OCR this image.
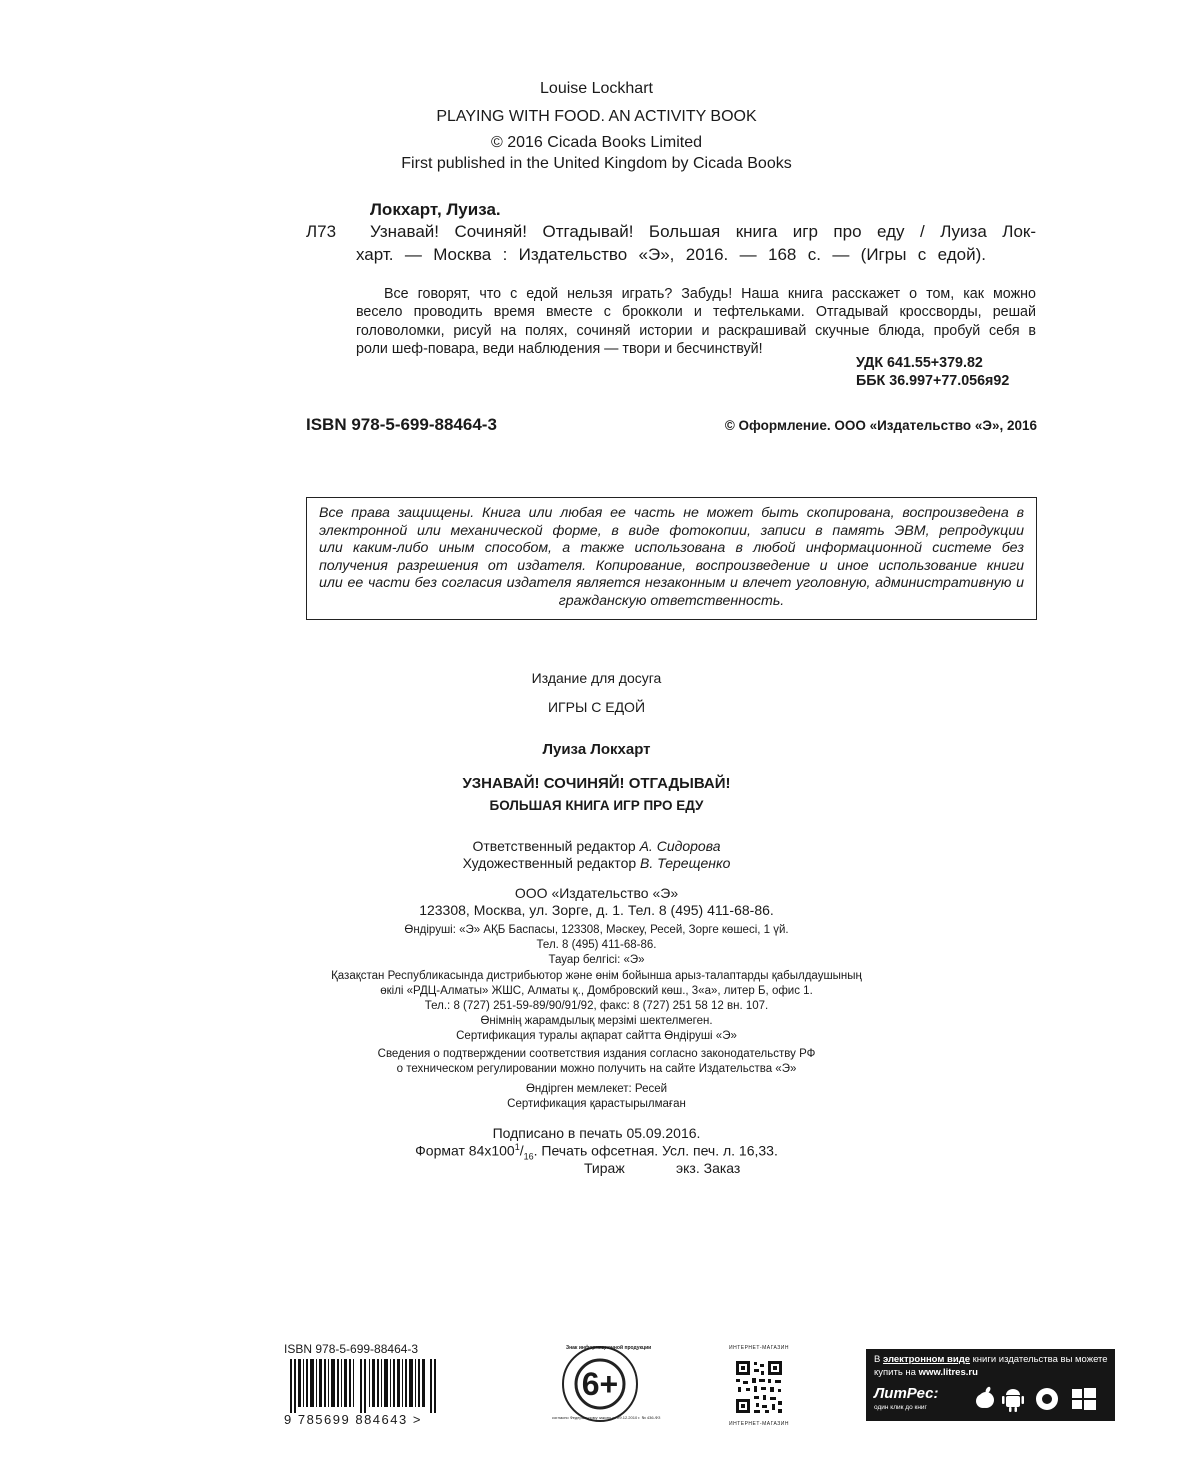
Louise Lockhart
PLAYING WITH FOOD. AN ACTIVITY BOOK
© 2016 Cicada Books Limited
First published in the United Kingdom by Cicada Books
Локхарт, Луиза.
Л73 Узнавай! Сочиняй! Отгадывай! Большая книга игр про еду / Луиза Лок-
харт. — Москва : Издательство «Э», 2016. — 168 с. — (Игры с едой).
Все говорят, что с едой нельзя играть? Забудь! Наша книга расскажет о том, как можно
весело проводить время вместе с брокколи и тефтельками. Отгадывай кроссворды, решай
головоломки, рисуй на полях, сочиняй истории и раскрашивай скучные блюда, пробуй себя в
роли шеф-повара, веди наблюдения — твори и бесчинствуй!
УДК 641.55+379.82
ББК 36.997+77.056я92
ISBN 978-5-699-88464-3	© Оформление. ООО «Издательство «Э», 2016
Все права защищены. Книга или любая ее часть не может быть скопирована, воспроизведена в
электронной или механической форме, в виде фотокопии, записи в память ЭВМ, репродукции
или каким-либо иным способом, а также использована в любой информационной системе без
получения разрешения от издателя. Копирование, воспроизведение и иное использование книги
или ее части без согласия издателя является незаконным и влечет уголовную, административную и
гражданскую ответственность.
Издание для досуга
ИГРЫ С ЕДОЙ
Луиза Локхарт
УЗНАВАЙ! СОЧИНЯЙ! ОТГАДЫВАЙ!
БОЛЬШАЯ КНИГА ИГР ПРО ЕДУ
Ответственный редактор А. Сидорова
Художественный редактор В. Терещенко
ООО «Издательство «Э»
123308, Москва, ул. Зорге, д. 1. Тел. 8 (495) 411-68-86.
Өндіруші: «Э» АҚБ Баспасы, 123308, Мәскеу, Ресей, Зорге көшесі, 1 үй.
Тел. 8 (495) 411-68-86.
Тауар белгісі: «Э»
Қазақстан Республикасында дистрибьютор және өнім бойынша арыз-талаптарды қабылдаушының
өкілі «РДЦ-Алматы» ЖШС, Алматы қ., Домбровский көш., 3«а», литер Б, офис 1.
Тел.: 8 (727) 251-59-89/90/91/92, факс: 8 (727) 251 58 12 вн. 107.
Өнімнің жарамдылық мерзімі шектелмеген.
Сертификация туралы ақпарат сайтта Өндіруші «Э»
Сведения о подтверждении соответствия издания согласно законодательству РФ
о техническом регулировании можно получить на сайте Издательства «Э»
Өндірген мемлекет: Ресей
Сертификация қарастырылмаған
Подписано в печать 05.09.2016.
Формат $84х100^1/_{16}$. Печать офсетная. Усл. печ. л. 16,33.
Тираж	экз. Заказ
ISBN 978-5-699-88464-3
9 785699 884643 >
6+
Знак информационной продукции
согласно Федеральному закону от 29.12.2010 г. № 436-ФЗ
ИНТЕРНЕТ-МАГАЗИН
ИНТЕРНЕТ-МАГАЗИН
В электронном виде книги издательства вы можете
купить на www.litres.ru
ЛитРес:
один клик до книг
